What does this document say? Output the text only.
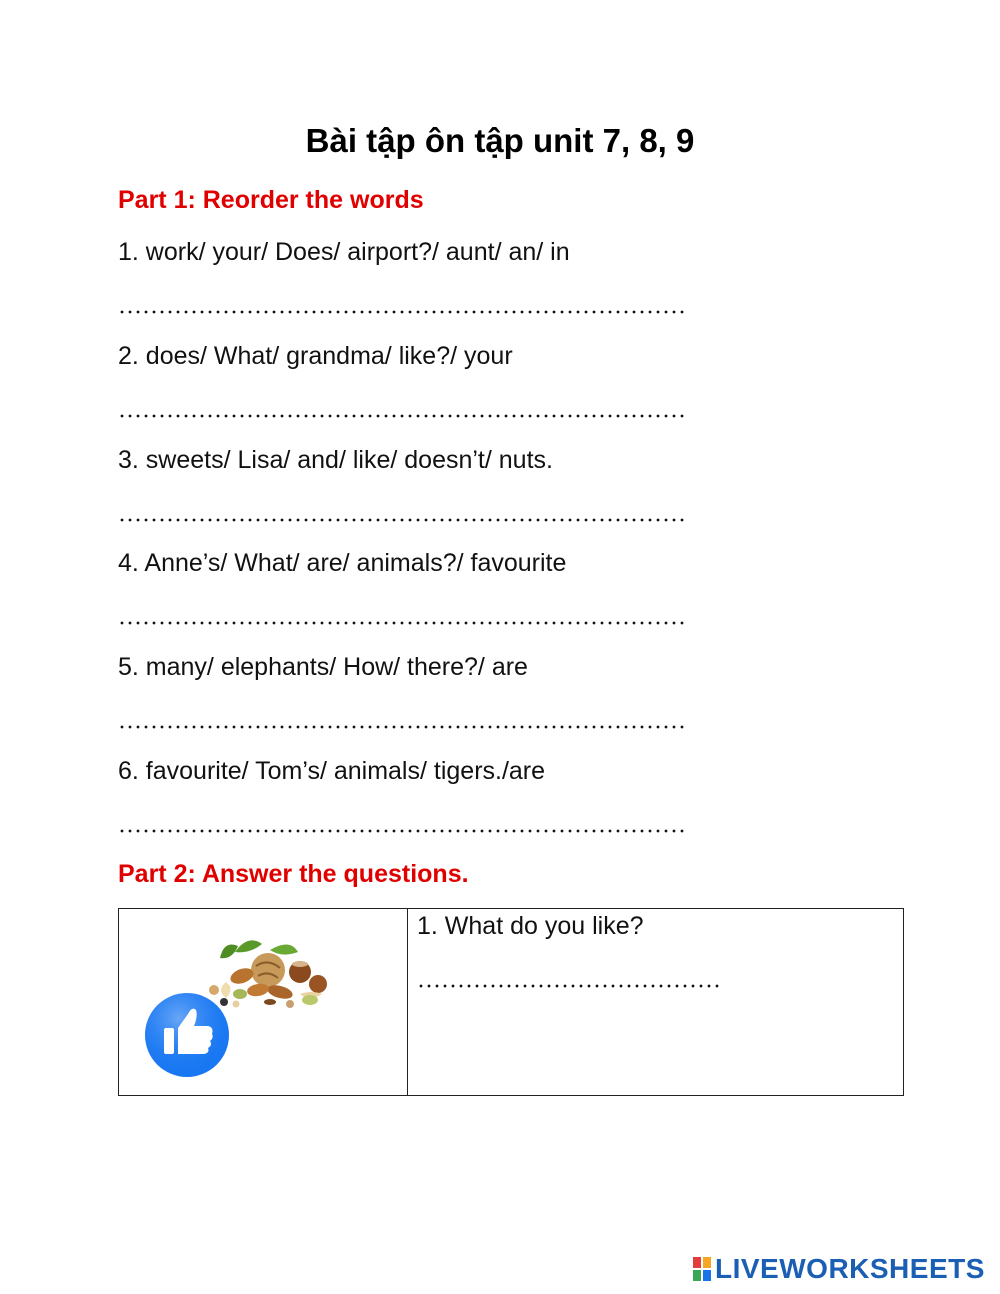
Bài tập ôn tập unit 7, 8, 9
Part 1: Reorder the words
1. work/ your/ Does/ airport?/ aunt/ an/ in
2. does/ What/ grandma/ like?/ your
3. sweets/ Lisa/ and/ like/ doesn’t/ nuts.
4. Anne’s/ What/ are/ animals?/ favourite
5. many/ elephants/ How/ there?/ are
6. favourite/ Tom’s/ animals/ tigers./are
Part 2: Answer the questions.
1. What do you like?
LIVEWORKSHEETS
